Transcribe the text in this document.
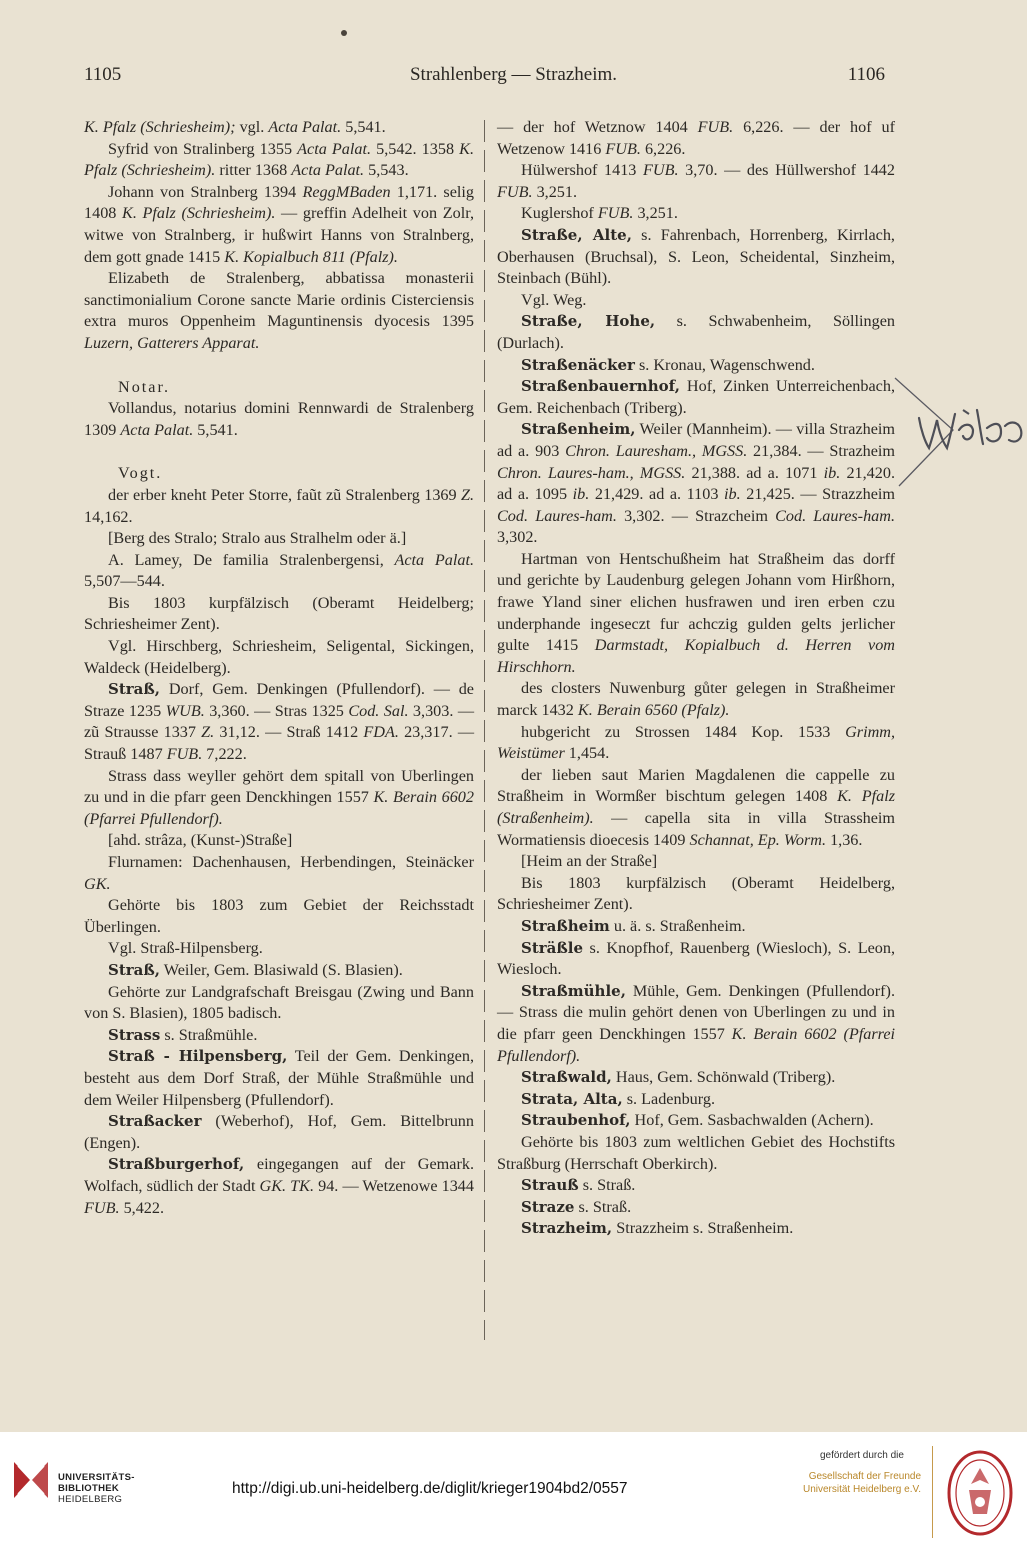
1105	Strahlenberg — Strazheim.	1106

K. Pfalz (Schriesheim); vgl. Acta Palat. 5,541.

Syfrid von Stralinberg 1355 Acta Palat. 5,542. 1358 K. Pfalz (Schriesheim). ritter 1368 Acta Palat. 5,543.

Johann von Stralnberg 1394 ReggMBaden 1,171. selig 1408 K. Pfalz (Schriesheim). — greffin Adelheit von Zolr, witwe von Stralnberg, ir hußwirt Hanns von Stralnberg, dem gott gnade 1415 K. Kopialbuch 811 (Pfalz).

Elizabeth de Stralenberg, abbatissa monasterii sanctimonialium Corone sancte Marie ordinis Cisterciensis extra muros Oppenheim Maguntinensis dyocesis 1395 Luzern, Gatterers Apparat.

Notar.

Vollandus, notarius domini Rennwardi de Stralenberg 1309 Acta Palat. 5,541.

Vogt.

der erber kneht Peter Storre, faũt zũ Stralenberg 1369 Z. 14,162.

[Berg des Stralo; Stralo aus Stralhelm oder ä.]

A. Lamey, De familia Stralenbergensi, Acta Palat. 5,507—544.

Bis 1803 kurpfälzisch (Oberamt Heidelberg; Schriesheimer Zent).

Vgl. Hirschberg, Schriesheim, Seligental, Sickingen, Waldeck (Heidelberg).

Straß, Dorf, Gem. Denkingen (Pfullendorf). — de Straze 1235 WUB. 3,360. — Stras 1325 Cod. Sal. 3,303. — zũ Strausse 1337 Z. 31,12. — Straß 1412 FDA. 23,317. — Strauß 1487 FUB. 7,222.

Strass dass weyller gehört dem spitall von Uberlingen zu und in die pfarr geen Denckhingen 1557 K. Berain 6602 (Pfarrei Pfullendorf).

[ahd. strâza, (Kunst-)Straße]

Flurnamen: Dachenhausen, Herbendingen, Steinäcker GK.

Gehörte bis 1803 zum Gebiet der Reichsstadt Überlingen.

Vgl. Straß-Hilpensberg.

Straß, Weiler, Gem. Blasiwald (S. Blasien).

Gehörte zur Landgrafschaft Breisgau (Zwing und Bann von S. Blasien), 1805 badisch.

Strass s. Straßmühle.

Straß - Hilpensberg, Teil der Gem. Denkingen, besteht aus dem Dorf Straß, der Mühle Straßmühle und dem Weiler Hilpensberg (Pfullendorf).

Straßacker (Weberhof), Hof, Gem. Bittelbrunn (Engen).

Straßburgerhof, eingegangen auf der Gemark. Wolfach, südlich der Stadt GK. TK. 94. — Wetzenowe 1344 FUB. 5,422.

— der hof Wetznow 1404 FUB. 6,226. — der hof uf Wetzenow 1416 FUB. 6,226.

Hülwershof 1413 FUB. 3,70. — des Hüllwershof 1442 FUB. 3,251.

Kuglershof FUB. 3,251.

Straße, Alte, s. Fahrenbach, Horrenberg, Kirrlach, Oberhausen (Bruchsal), S. Leon, Scheidental, Sinzheim, Steinbach (Bühl).

Vgl. Weg.

Straße, Hohe, s. Schwabenheim, Söllingen (Durlach).

Straßenäcker s. Kronau, Wagenschwend.

Straßenbauernhof, Hof, Zinken Unterreichenbach, Gem. Reichenbach (Triberg).

Straßenheim, Weiler (Mannheim). — villa Strazheim ad a. 903 Chron. Lauresham., MGSS. 21,384. — Strazheim Chron. Laures-ham., MGSS. 21,388. ad a. 1071 ib. 21,420. ad a. 1095 ib. 21,429. ad a. 1103 ib. 21,425. — Strazzheim Cod. Laures-ham. 3,302. — Strazcheim Cod. Laures-ham. 3,302.

Hartman von Hentschußheim hat Straßheim das dorff und gerichte by Laudenburg gelegen Johann vom Hirßhorn, frawe Yland siner elichen husfrawen und iren erben czu underphande ingeseczt fur achczig gulden gelts jerlicher gulte 1415 Darmstadt, Kopialbuch d. Herren vom Hirschhorn.

des closters Nuwenburg gůter gelegen in Straßheimer marck 1432 K. Berain 6560 (Pfalz).

hubgericht zu Strossen 1484 Kop. 1533 Grimm, Weistümer 1,454.

der lieben saut Marien Magdalenen die cappelle zu Straßheim in Wormßer bischtum gelegen 1408 K. Pfalz (Straßenheim). — capella sita in villa Strassheim Wormatiensis dioecesis 1409 Schannat, Ep. Worm. 1,36.

[Heim an der Straße]

Bis 1803 kurpfälzisch (Oberamt Heidelberg, Schriesheimer Zent).

Straßheim u. ä. s. Straßenheim.

Sträßle s. Knopfhof, Rauenberg (Wiesloch), S. Leon, Wiesloch.

Straßmühle, Mühle, Gem. Denkingen (Pfullendorf). — Strass die mulin gehört denen von Uberlingen zu und in die pfarr geen Denckhingen 1557 K. Berain 6602 (Pfarrei Pfullendorf).

Straßwald, Haus, Gem. Schönwald (Triberg).

Strata, Alta, s. Ladenburg.

Straubenhof, Hof, Gem. Sasbachwalden (Achern).

Gehörte bis 1803 zum weltlichen Gebiet des Hochstifts Straßburg (Herrschaft Oberkirch).

Strauß s. Straß.

Straze s. Straß.

Strazheim, Strazzheim s. Straßenheim.

UNIVERSITÄTS-
BIBLIOTHEK
HEIDELBERG
http://digi.ub.uni-heidelberg.de/diglit/krieger1904bd2/0557
gefördert durch die
Gesellschaft der Freunde
Universität Heidelberg e.V.
